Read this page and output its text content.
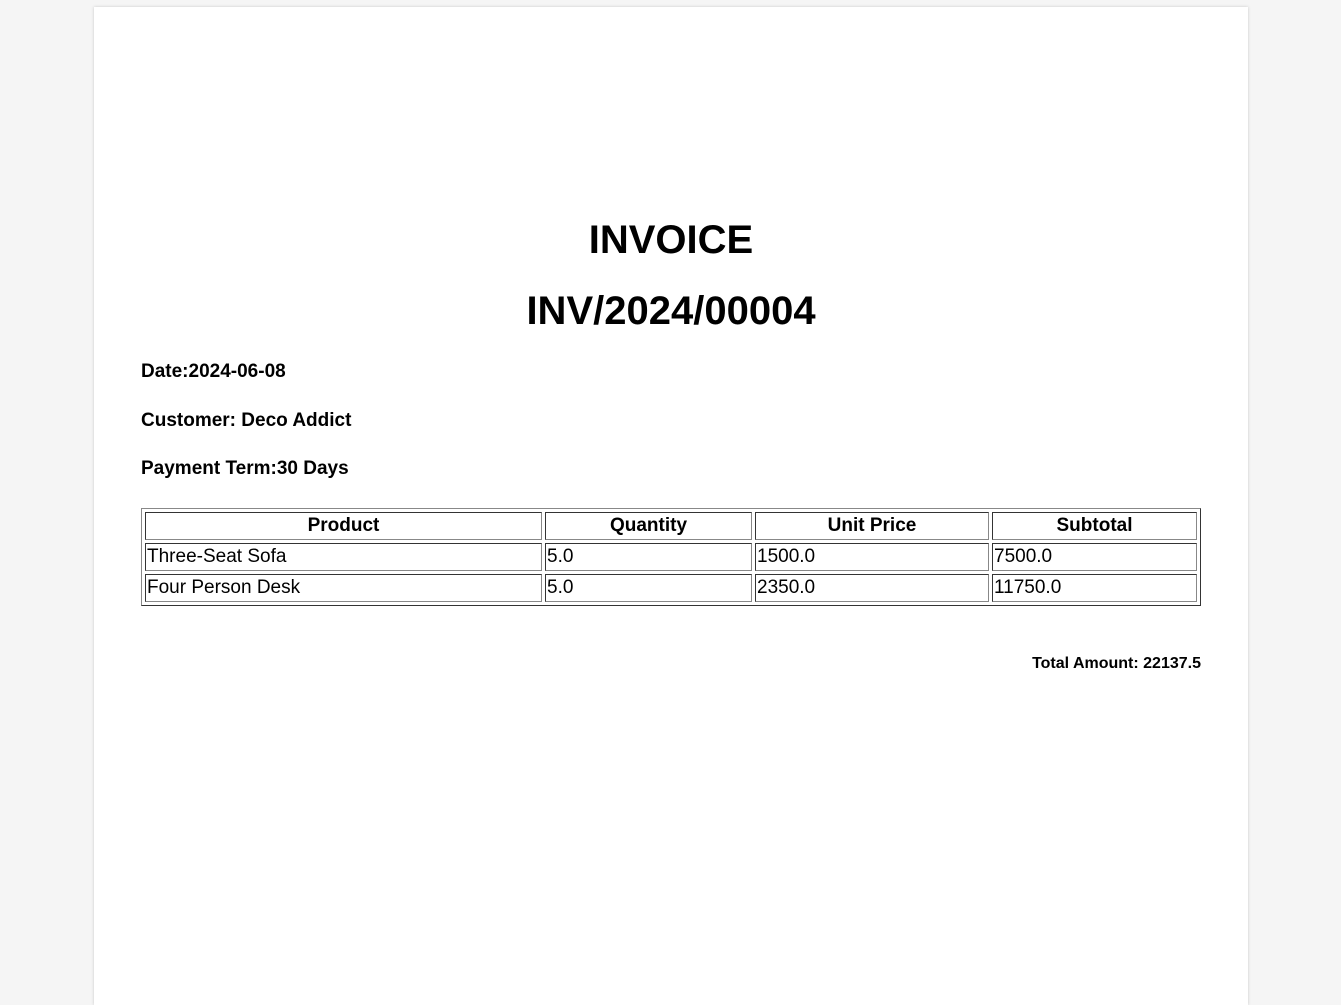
INVOICE
INV/2024/00004

Date:2024-06-08

Customer: Deco Addict

Payment Term:30 Days

Product	Quantity	Unit Price	Subtotal
Three-Seat Sofa	5.0	1500.0	7500.0
Four Person Desk	5.0	2350.0	11750.0
Total Amount: 22137.5
